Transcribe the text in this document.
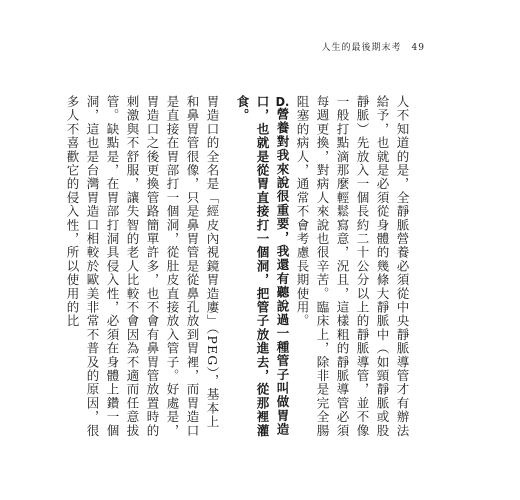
人生的最後期末考 49

人不知道的是，全靜脈營養必須從中央靜脈導管才有辦法給予，也就是必須從身體的幾條大靜脈中（如頸靜脈或股靜脈）先放入一個長約二十公分以上的靜脈導管，並不像一般打點滴那麼輕鬆寫意，況且，這樣粗的靜脈導管必須每週更換，對病人來說也很辛苦。臨床上，除非是完全腸阻塞的病人，通常不會考慮長期使用。

D.營養對我來說很重要，我還有聽說過一種管子叫做胃造口，也就是從胃直接打一個洞，把管子放進去，從那裡灌食。

胃造口的全名是「經皮內視鏡胃造廔」（PEG），基本上和鼻胃管很像，只是鼻胃管是從鼻孔放到胃裡，而胃造口是直接在胃部打一個洞，從肚皮直接放入管子。好處是，胃造口之後更換管路簡單許多，也不會有鼻胃管放置時的刺激與不舒服，讓失智的老人比較不會因為不適而任意拔管。缺點是，在胃部打洞具侵入性，必須在身體上鑽一個洞，這也是台灣胃造口相較於歐美非常不普及的原因，很多人不喜歡它的侵入性，所以使用的比
